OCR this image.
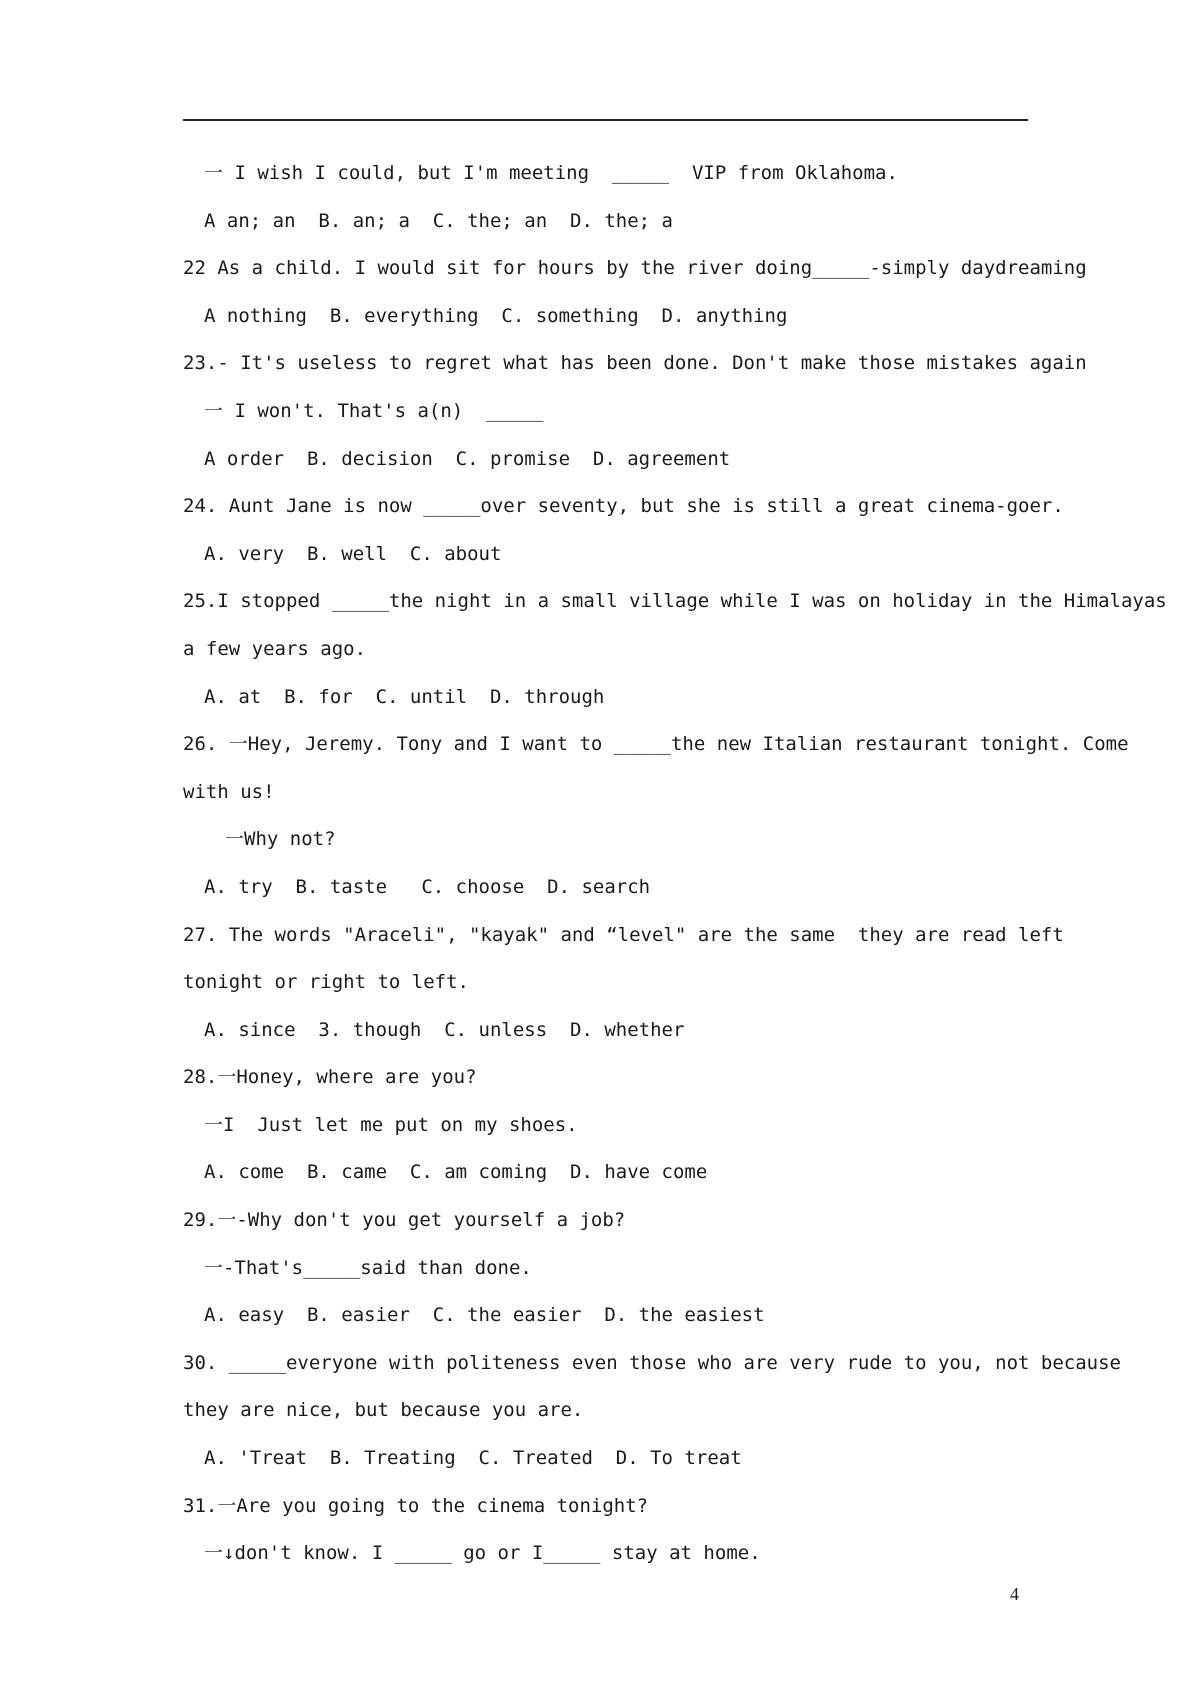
一 I wish I could, but I'm meeting  _____  VIP from Oklahoma.
A an; an  B. an; a  C. the; an  D. the; a
22 As a child. I would sit for hours by the river doing_____-simply daydreaming
A nothing  B. everything  C. something  D. anything
23.- It's useless to regret what has been done. Don't make those mistakes again
一 I won't. That's a(n)  _____
A order  B. decision  C. promise  D. agreement
24. Aunt Jane is now _____over seventy, but she is still a great cinema-goer.
A. very  B. well  C. about
25.I stopped _____the night in a small village while I was on holiday in the Himalayas
a few years ago.
A. at  B. for  C. until  D. through
26. 一Hey, Jeremy. Tony and I want to _____the new Italian restaurant tonight. Come
with us!
一Why not?
A. try  B. taste   C. choose  D. search
27. The words "Araceli", "kayak" and “level" are the same  they are read left
tonight or right to left.
A. since  3. though  C. unless  D. whether
28.一Honey, where are you?
一I  Just let me put on my shoes.
A. come  B. came  C. am coming  D. have come
29.一-Why don't you get yourself a job?
一-That's_____said than done.
A. easy  B. easier  C. the easier  D. the easiest
30. _____everyone with politeness even those who are very rude to you, not because
they are nice, but because you are.
A. 'Treat  B. Treating  C. Treated  D. To treat
31.一Are you going to the cinema tonight?
一↓don't know. I _____ go or I_____ stay at home.
4
